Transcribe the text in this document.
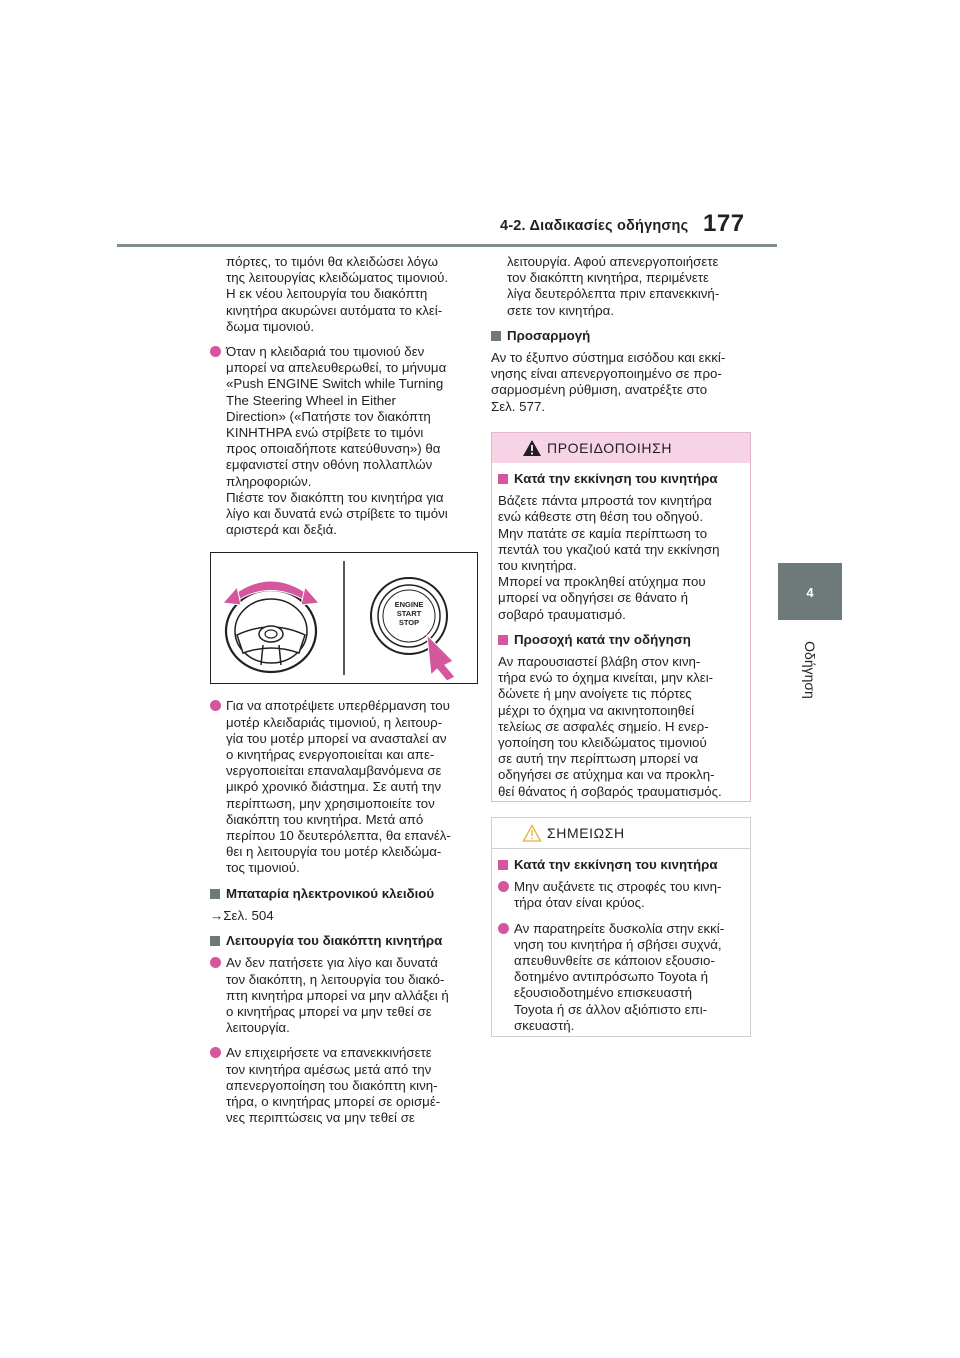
4-2. Διαδικασίες οδήγησης 177
4
Οδήγηση

πόρτες, το τιμόνι θα κλειδώσει λόγω
της λειτουργίας κλειδώματος τιμονιού.
Η εκ νέου λειτουργία του διακόπτη
κινητήρα ακυρώνει αυτόματα το κλεί-
δωμα τιμονιού.

Όταν η κλειδαριά του τιμονιού δεν
μπορεί να απελευθερωθεί, το μήνυμα
«Push ENGINE Switch while Turning
The Steering Wheel in Either
Direction» («Πατήστε τον διακόπτη
ΚΙΝΗΤΗΡΑ ενώ στρίβετε το τιμόνι
προς οποιαδήποτε κατεύθυνση») θα
εμφανιστεί στην οθόνη πολλαπλών
πληροφοριών.
Πιέστε τον διακόπτη του κινητήρα για
λίγο και δυνατά ενώ στρίβετε το τιμόνι
αριστερά και δεξιά.
ENGINE
START
STOP
Για να αποτρέψετε υπερθέρμανση του
μοτέρ κλειδαριάς τιμονιού, η λειτουρ-
γία του μοτέρ μπορεί να ανασταλεί αν
ο κινητήρας ενεργοποιείται και απε-
νεργοποιείται επαναλαμβανόμενα σε
μικρό χρονικό διάστημα. Σε αυτή την
περίπτωση, μην χρησιμοποιείτε τον
διακόπτη του κινητήρα. Μετά από
περίπου 10 δευτερόλεπτα, θα επανέλ-
θει η λειτουργία του μοτέρ κλειδώμα-
τος τιμονιού.
Μπαταρία ηλεκτρονικού κλειδιού

→Σελ. 504

Λειτουργία του διακόπτη κινητήρα
Αν δεν πατήσετε για λίγο και δυνατά
τον διακόπτη, η λειτουργία του διακό-
πτη κινητήρα μπορεί να μην αλλάξει ή
ο κινητήρας μπορεί να μην τεθεί σε
λειτουργία.
Αν επιχειρήσετε να επανεκκινήσετε
τον κινητήρα αμέσως μετά από την
απενεργοποίηση του διακόπτη κινη-
τήρα, ο κινητήρας μπορεί σε ορισμέ-
νες περιπτώσεις να μην τεθεί σε

λειτουργία. Αφού απενεργοποιήσετε
τον διακόπτη κινητήρα, περιμένετε
λίγα δευτερόλεπτα πριν επανεκκινή-
σετε τον κινητήρα.

Προσαρμογή

Αν το έξυπνο σύστημα εισόδου και εκκί-
νησης είναι απενεργοποιημένο σε προ-
σαρμοσμένη ρύθμιση, ανατρέξτε στο
Σελ. 577.

ΠΡΟΕΙΔΟΠΟΙΗΣΗ
Κατά την εκκίνηση του κινητήρα

Βάζετε πάντα μπροστά τον κινητήρα
ενώ κάθεστε στη θέση του οδηγού.
Μην πατάτε σε καμία περίπτωση το
πεντάλ του γκαζιού κατά την εκκίνηση
του κινητήρα.
Μπορεί να προκληθεί ατύχημα που
μπορεί να οδηγήσει σε θάνατο ή
σοβαρό τραυματισμό.

Προσοχή κατά την οδήγηση

Αν παρουσιαστεί βλάβη στον κινη-
τήρα ενώ το όχημα κινείται, μην κλει-
δώνετε ή μην ανοίγετε τις πόρτες
μέχρι το όχημα να ακινητοποιηθεί
τελείως σε ασφαλές σημείο. Η ενερ-
γοποίηση του κλειδώματος τιμονιού
σε αυτή την περίπτωση μπορεί να
οδηγήσει σε ατύχημα και να προκλη-
θεί θάνατος ή σοβαρός τραυματισμός.

ΣΗΜΕΙΩΣΗ
Κατά την εκκίνηση του κινητήρα
Μην αυξάνετε τις στροφές του κινη-
τήρα όταν είναι κρύος.
Αν παρατηρείτε δυσκολία στην εκκί-
νηση του κινητήρα ή σβήσει συχνά,
απευθυνθείτε σε κάποιον εξουσιο-
δοτημένο αντιπρόσωπο Toyota ή
εξουσιοδοτημένο επισκευαστή
Toyota ή σε άλλον αξιόπιστο επι-
σκευαστή.
